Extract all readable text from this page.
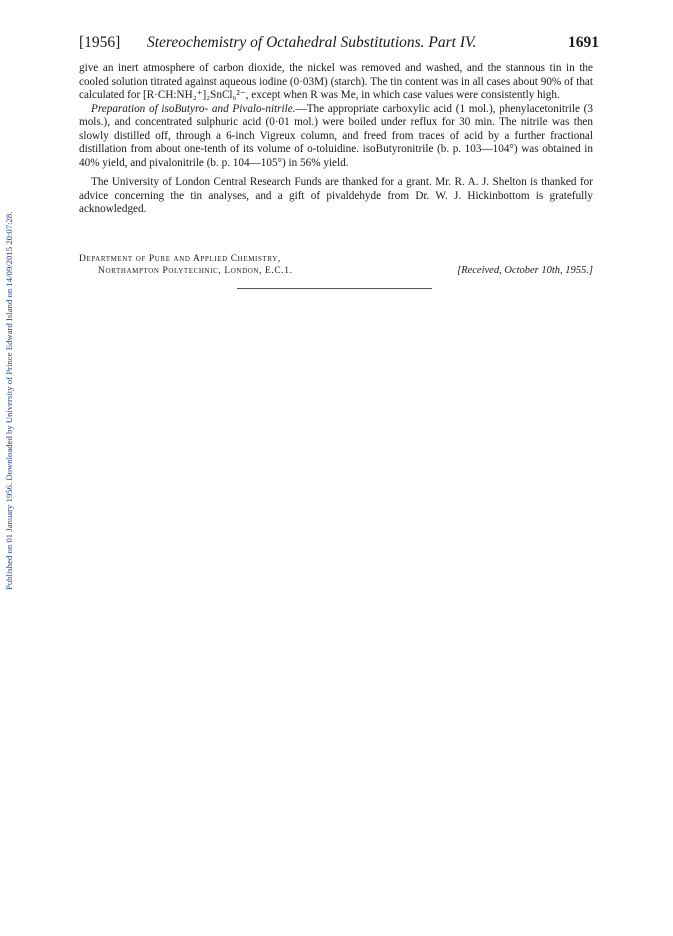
Published on 01 January 1956. Downloaded by University of Prince Edward Island on 14/09/2015 20:07:28.
[1956] Stereochemistry of Octahedral Substitutions. Part IV.	1691

give an inert atmosphere of carbon dioxide, the nickel was removed and washed, and the stannous tin in the cooled solution titrated against aqueous iodine (0·03M) (starch). The tin content was in all cases about 90% of that calculated for [R·CH:NH₂⁺]₂SnCl₆²⁻, except when R was Me, in which case values were consistently high.

Preparation of isoButyro- and Pivalo-nitrile.—The appropriate carboxylic acid (1 mol.), phenylacetonitrile (3 mols.), and concentrated sulphuric acid (0·01 mol.) were boiled under reflux for 30 min. The nitrile was then slowly distilled off, through a 6-inch Vigreux column, and freed from traces of acid by a further fractional distillation from about one-tenth of its volume of o-toluidine. isoButyronitrile (b. p. 103—104°) was obtained in 40% yield, and pivalonitrile (b. p. 104—105°) in 56% yield.

The University of London Central Research Funds are thanked for a grant. Mr. R. A. J. Shelton is thanked for advice concerning the tin analyses, and a gift of pivaldehyde from Dr. W. J. Hickinbottom is gratefully acknowledged.

Department of Pure and Applied Chemistry,
Northampton Polytechnic, London, E.C.1.	[Received, October 10th, 1955.]
